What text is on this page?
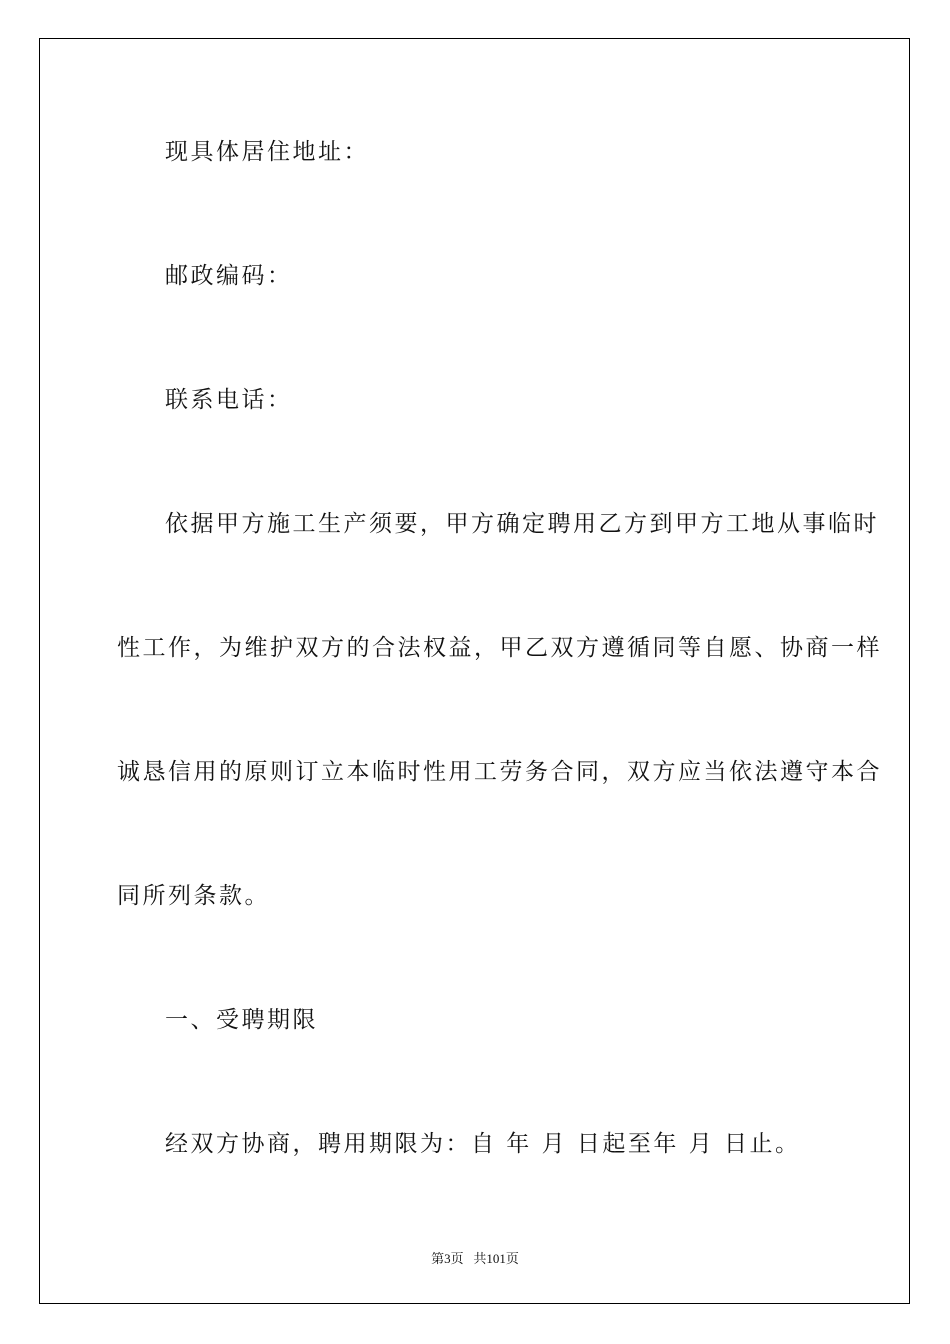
现具体居住地址：
邮政编码：
联系电话：
依据甲方施工生产须要，甲方确定聘用乙方到甲方工地从事临时
性工作，为维护双方的合法权益，甲乙双方遵循同等自愿、协商一样
诚恳信用的原则订立本临时性用工劳务合同，双方应当依法遵守本合
同所列条款。
一、受聘期限
经双方协商，聘用期限为：自 年 月 日起至年 月 日止。
第3页   共101页
